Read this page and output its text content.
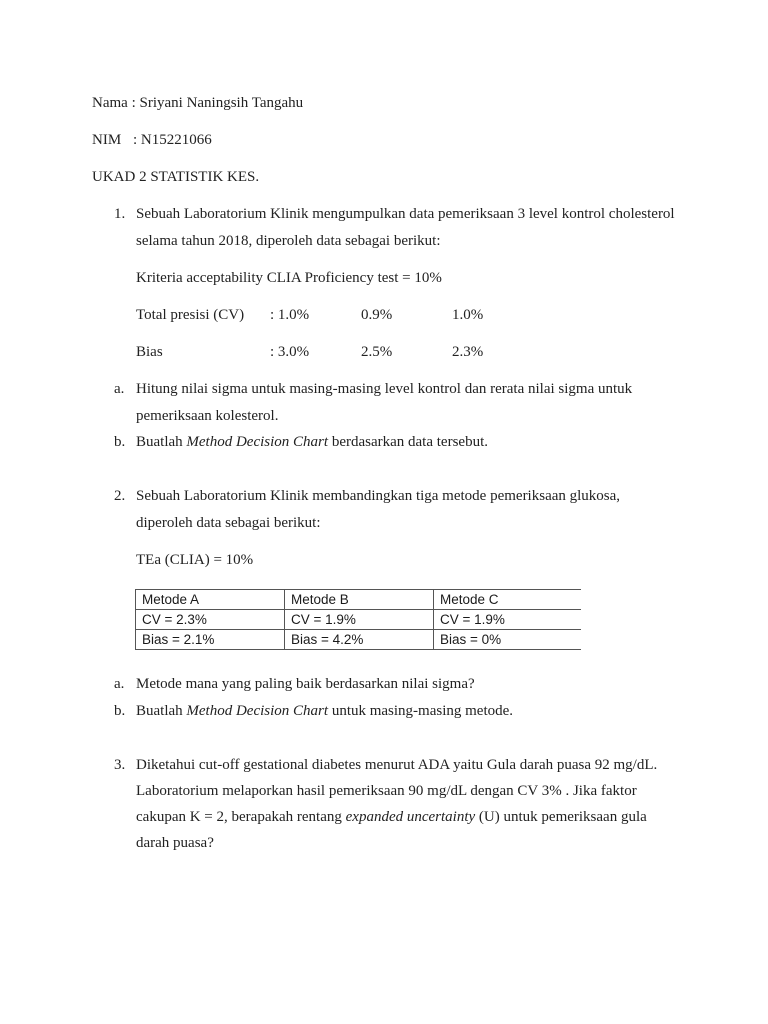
Nama : Sriyani Naningsih Tangahu
NIM : N15221066
UKAD 2 STATISTIK KES.
1. Sebuah Laboratorium Klinik mengumpulkan data pemeriksaan 3 level kontrol cholesterol
selama tahun 2018, diperoleh data sebagai berikut:
Kriteria acceptability CLIA Proficiency test = 10%
Total presisi (CV) : 1.0%	0.9%	1.0%
Bias	: 3.0%	2.5%	2.3%
a. Hitung nilai sigma untuk masing-masing level kontrol dan rerata nilai sigma untuk
pemeriksaan kolesterol.
b. Buatlah Method Decision Chart berdasarkan data tersebut.
2. Sebuah Laboratorium Klinik membandingkan tiga metode pemeriksaan glukosa,
diperoleh data sebagai berikut:
TEa (CLIA) = 10%
Metode A	Metode B	Metode C
CV = 2.3%	CV = 1.9%	CV = 1.9%
Bias = 2.1%	Bias = 4.2%	Bias = 0%
a. Metode mana yang paling baik berdasarkan nilai sigma?
b. Buatlah Method Decision Chart untuk masing-masing metode.
3. Diketahui cut-off gestational diabetes menurut ADA yaitu Gula darah puasa 92 mg/dL.
Laboratorium melaporkan hasil pemeriksaan 90 mg/dL dengan CV 3% . Jika faktor
cakupan K = 2, berapakah rentang expanded uncertainty (U) untuk pemeriksaan gula
darah puasa?
